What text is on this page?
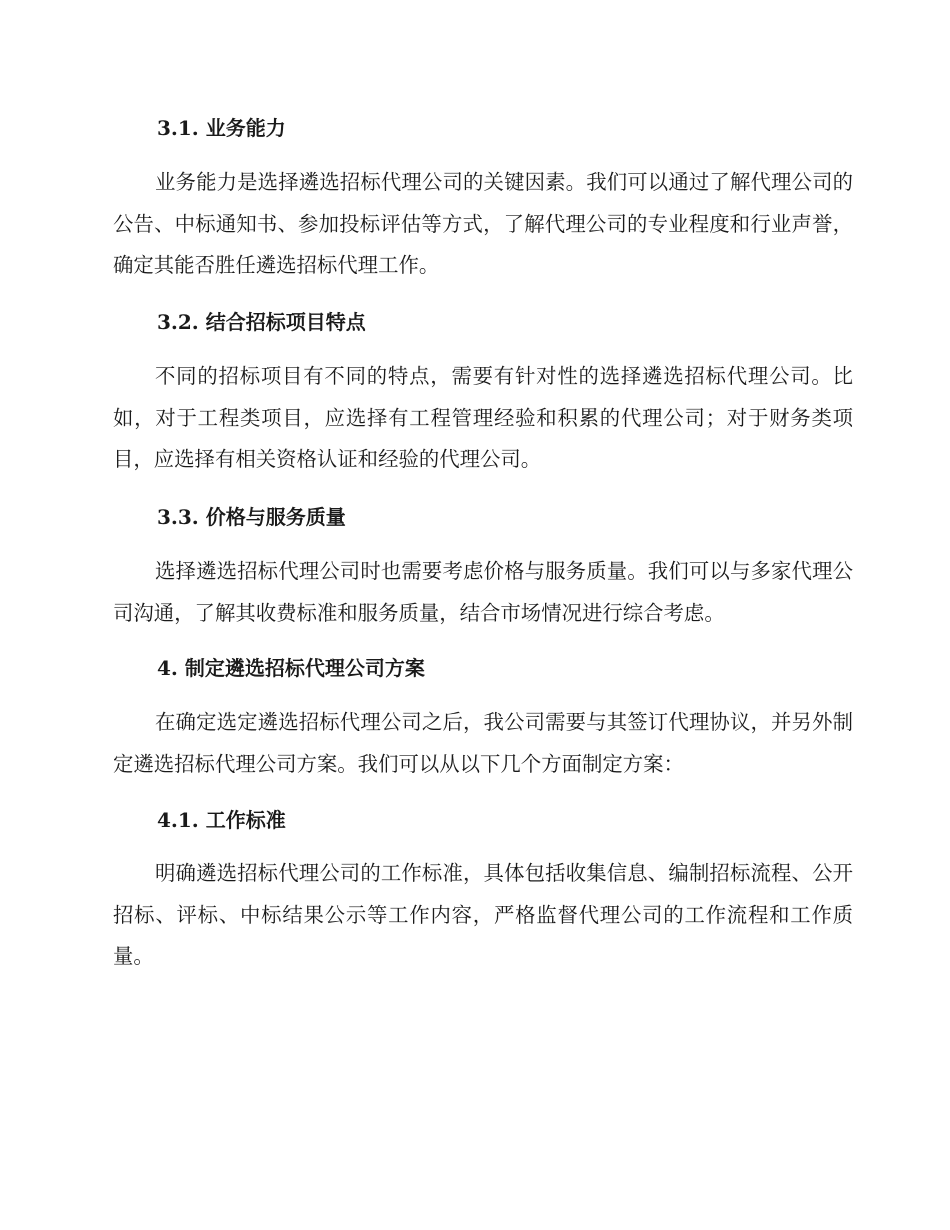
3.1. 业务能力

业务能力是选择遴选招标代理公司的关键因素。我们可以通过了解代理公司的公告、中标通知书、参加投标评估等方式，了解代理公司的专业程度和行业声誉，确定其能否胜任遴选招标代理工作。

3.2. 结合招标项目特点

不同的招标项目有不同的特点，需要有针对性的选择遴选招标代理公司。比如，对于工程类项目，应选择有工程管理经验和积累的代理公司；对于财务类项目，应选择有相关资格认证和经验的代理公司。

3.3. 价格与服务质量

选择遴选招标代理公司时也需要考虑价格与服务质量。我们可以与多家代理公司沟通，了解其收费标准和服务质量，结合市场情况进行综合考虑。

4. 制定遴选招标代理公司方案

在确定选定遴选招标代理公司之后，我公司需要与其签订代理协议，并另外制定遴选招标代理公司方案。我们可以从以下几个方面制定方案：

4.1. 工作标准

明确遴选招标代理公司的工作标准，具体包括收集信息、编制招标流程、公开招标、评标、中标结果公示等工作内容，严格监督代理公司的工作流程和工作质量。
